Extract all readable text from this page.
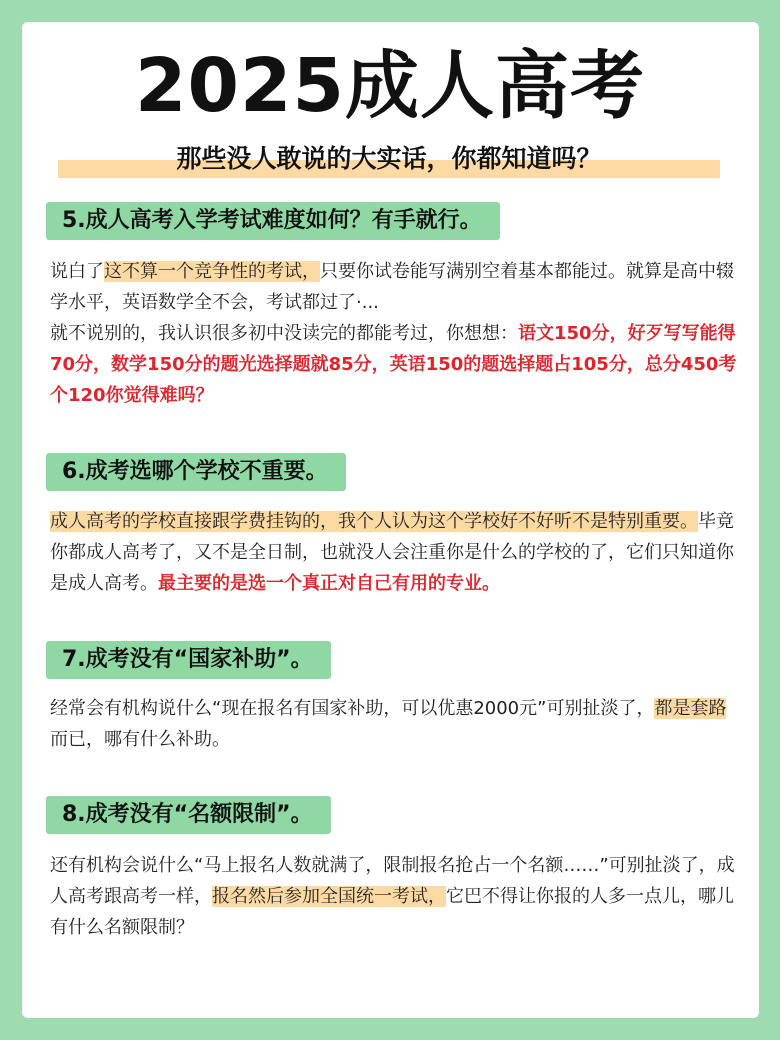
2025成人高考
那些没人敢说的大实话，你都知道吗？
5.成人高考入学考试难度如何？有手就行。
说白了这不算一个竞争性的考试，只要你试卷能写满别空着基本都能过。就算是高中辍学水平，英语数学全不会，考试都过了·...
就不说别的，我认识很多初中没读完的都能考过，你想想：语文150分，好歹写写能得70分，数学150分的题光选择题就85分，英语150的题选择题占105分，总分450考个120你觉得难吗？
6.成考选哪个学校不重要。
成人高考的学校直接跟学费挂钩的，我个人认为这个学校好不好听不是特别重要。毕竟你都成人高考了，又不是全日制，也就没人会注重你是什么的学校的了，它们只知道你是成人高考。最主要的是选一个真正对自己有用的专业。
7.成考没有“国家补助”。
经常会有机构说什么“现在报名有国家补助，可以优惠2000元”可别扯淡了，都是套路而已，哪有什么补助。
8.成考没有“名额限制”。
还有机构会说什么“马上报名人数就满了，限制报名抢占一个名额……”可别扯淡了，成人高考跟高考一样，报名然后参加全国统一考试，它巴不得让你报的人多一点儿，哪儿有什么名额限制？
